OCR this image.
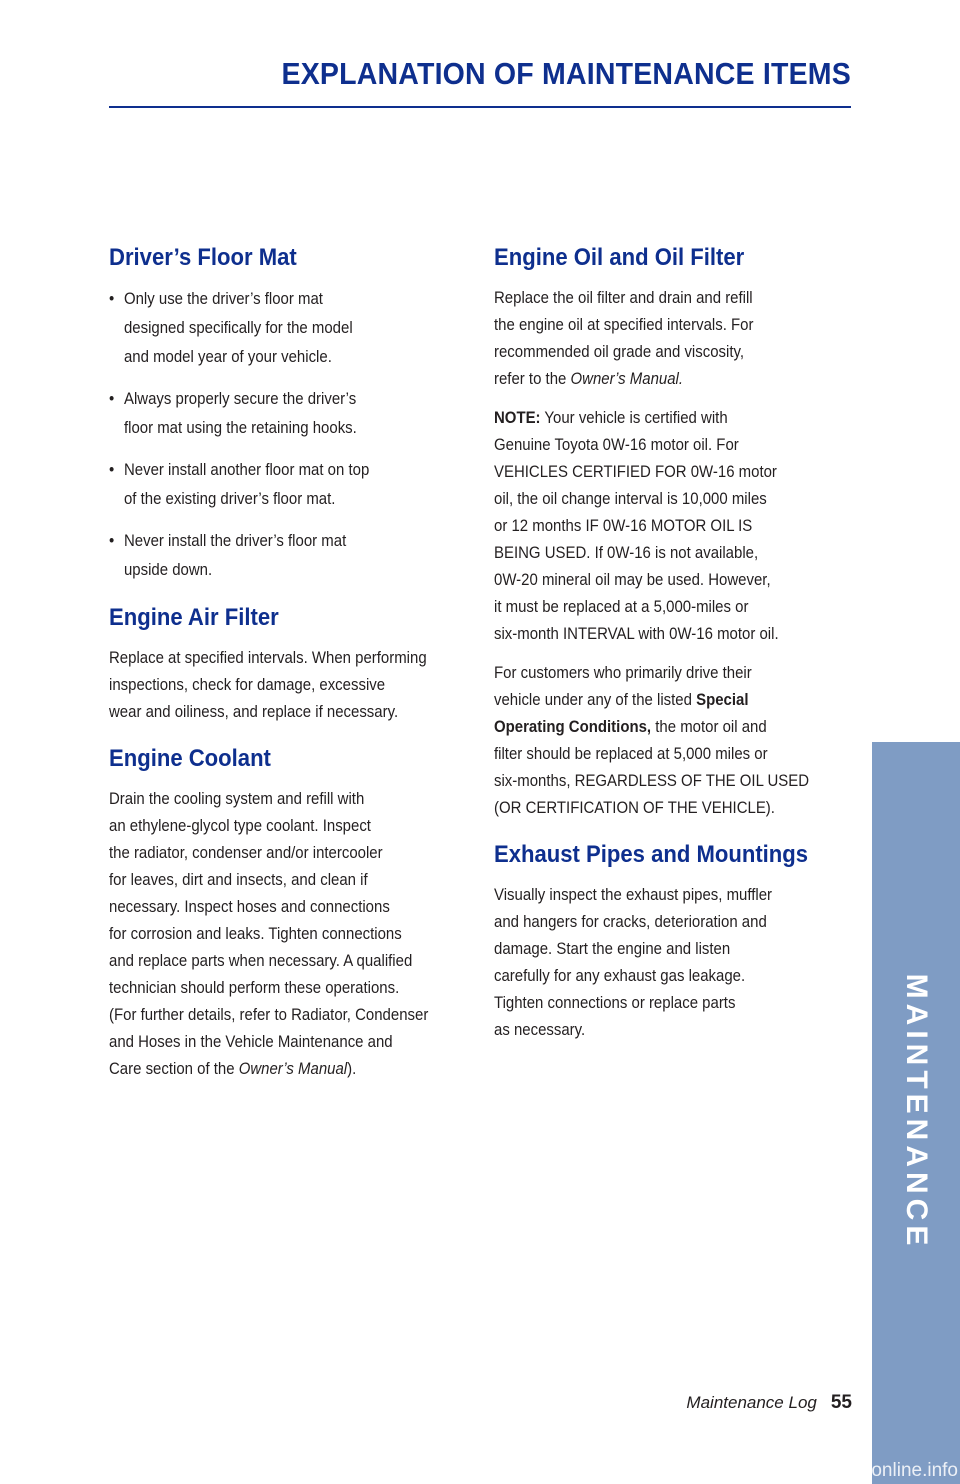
EXPLANATION OF MAINTENANCE ITEMS
Driver’s Floor Mat
• Only use the driver’s floor mat
designed specifically for the model
and model year of your vehicle.
• Always properly secure the driver’s
floor mat using the retaining hooks.
• Never install another floor mat on top
of the existing driver’s floor mat.
• Never install the driver’s floor mat
upside down.
Engine Air Filter

Replace at specified intervals. When performing
inspections, check for damage, excessive
wear and oiliness, and replace if necessary.

Engine Coolant

Drain the cooling system and refill with
an ethylene-glycol type coolant. Inspect
the radiator, condenser and/or intercooler
for leaves, dirt and insects, and clean if
necessary. Inspect hoses and connections
for corrosion and leaks. Tighten connections
and replace parts when necessary. A qualified
technician should perform these operations.
(For further details, refer to Radiator, Condenser
and Hoses in the Vehicle Maintenance and
Care section of the Owner’s Manual).

Engine Oil and Oil Filter

Replace the oil filter and drain and refill
the engine oil at specified intervals. For
recommended oil grade and viscosity,
refer to the Owner’s Manual.

NOTE: Your vehicle is certified with
Genuine Toyota 0W-16 motor oil. For
VEHICLES CERTIFIED FOR 0W-16 motor
oil, the oil change interval is 10,000 miles
or 12 months IF 0W-16 MOTOR OIL IS
BEING USED. If 0W-16 is not available,
0W-20 mineral oil may be used. However,
it must be replaced at a 5,000-miles or
six-month INTERVAL with 0W-16 motor oil.

For customers who primarily drive their
vehicle under any of the listed Special
Operating Conditions, the motor oil and
filter should be replaced at 5,000 miles or
six-months, REGARDLESS OF THE OIL USED
(OR CERTIFICATION OF THE VEHICLE).

Exhaust Pipes and Mountings

Visually inspect the exhaust pipes, muffler
and hangers for cracks, deterioration and
damage. Start the engine and listen
carefully for any exhaust gas leakage.
Tighten connections or replace parts
as necessary.	MAINTENANCE
Maintenance Log 55
carmanualsonline.info
